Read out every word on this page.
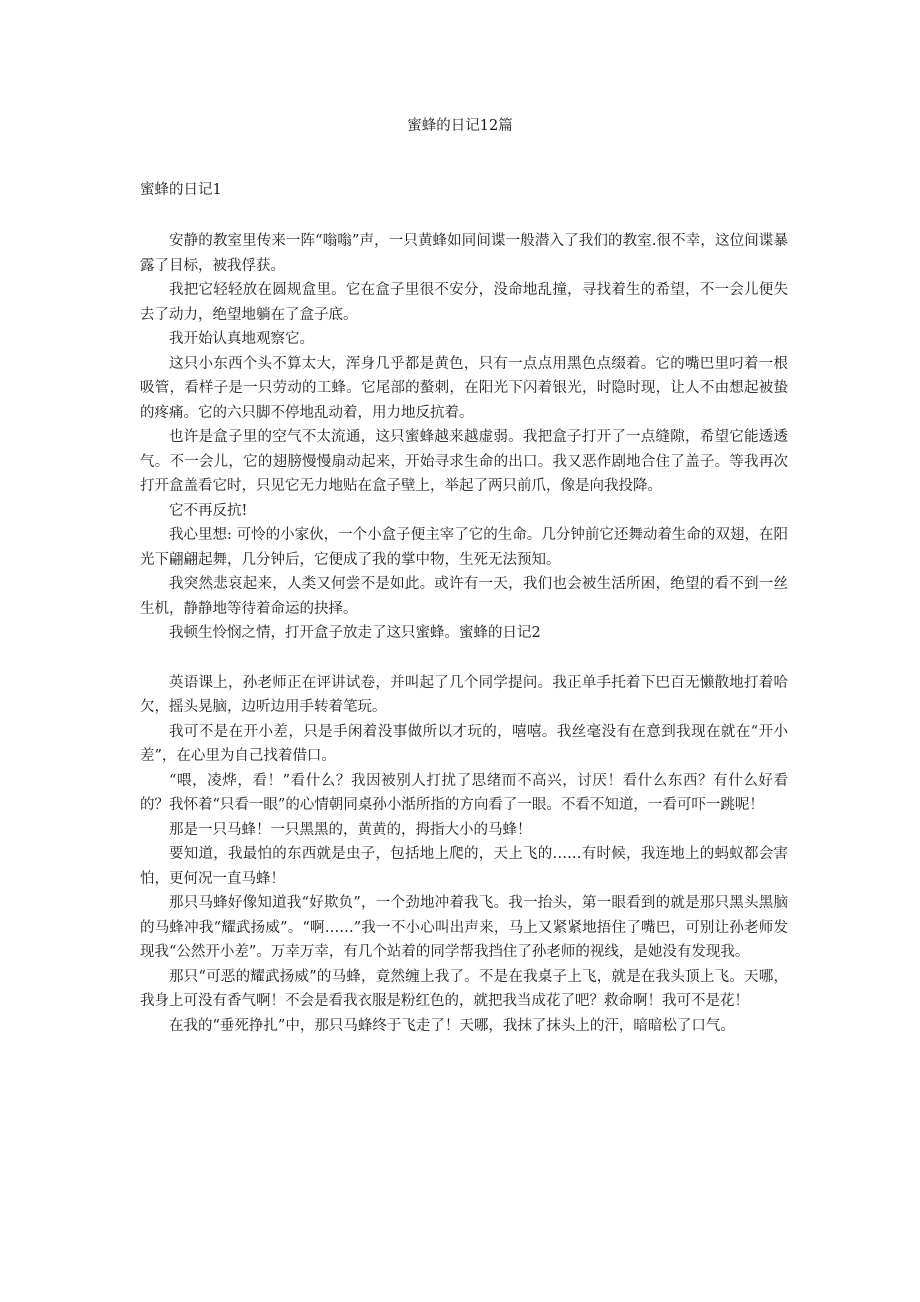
蜜蜂的日记12篇
蜜蜂的日记1

安静的教室里传来一阵“嗡嗡”声，一只黄蜂如同间谍一般潜入了我们的教室.很不幸，这位间谍暴露了目标，被我俘获。

我把它轻轻放在圆规盒里。它在盒子里很不安分，没命地乱撞，寻找着生的希望，不一会儿便失去了动力，绝望地躺在了盒子底。

我开始认真地观察它。

这只小东西个头不算太大，浑身几乎都是黄色，只有一点点用黑色点缀着。它的嘴巴里叼着一根吸管，看样子是一只劳动的工蜂。它尾部的螯刺，在阳光下闪着银光，时隐时现，让人不由想起被蛰的疼痛。它的六只脚不停地乱动着，用力地反抗着。

也许是盒子里的空气不太流通，这只蜜蜂越来越虚弱。我把盒子打开了一点缝隙，希望它能透透气。不一会儿，它的翅膀慢慢扇动起来，开始寻求生命的出口。我又恶作剧地合住了盖子。等我再次打开盒盖看它时，只见它无力地贴在盒子壁上，举起了两只前爪，像是向我投降。

它不再反抗!

我心里想: 可怜的小家伙，一个小盒子便主宰了它的生命。几分钟前它还舞动着生命的双翅，在阳光下翩翩起舞，几分钟后，它便成了我的掌中物，生死无法预知。

我突然悲哀起来，人类又何尝不是如此。或许有一天，我们也会被生活所困，绝望的看不到一丝生机，静静地等待着命运的抉择。

我顿生怜悯之情，打开盒子放走了这只蜜蜂。蜜蜂的日记2

英语课上，孙老师正在评讲试卷，并叫起了几个同学提问。我正单手托着下巴百无懒散地打着哈欠，摇头晃脑，边听边用手转着笔玩。

我可不是在开小差，只是手闲着没事做所以才玩的，嘻嘻。我丝毫没有在意到我现在就在“开小差”，在心里为自己找着借口。

“喂，凌烨，看！”看什么？我因被别人打扰了思绪而不高兴，讨厌！看什么东西？有什么好看的？我怀着“只看一眼”的心情朝同桌孙小湉所指的方向看了一眼。不看不知道，一看可吓一跳呢！

那是一只马蜂！一只黑黑的，黄黄的，拇指大小的马蜂！

要知道，我最怕的东西就是虫子，包括地上爬的，天上飞的……有时候，我连地上的蚂蚁都会害怕，更何况一直马蜂！

那只马蜂好像知道我“好欺负”，一个劲地冲着我飞。我一抬头，第一眼看到的就是那只黑头黑脑的马蜂冲我“耀武扬威”。“啊……”我一不小心叫出声来，马上又紧紧地捂住了嘴巴，可别让孙老师发现我“公然开小差”。万幸万幸，有几个站着的同学帮我挡住了孙老师的视线，是她没有发现我。

那只“可恶的耀武扬威”的马蜂，竟然缠上我了。不是在我桌子上飞，就是在我头顶上飞。天哪，我身上可没有香气啊！不会是看我衣服是粉红色的，就把我当成花了吧？救命啊！我可不是花！

在我的“垂死挣扎”中，那只马蜂终于飞走了！天哪，我抹了抹头上的汗，暗暗松了口气。
